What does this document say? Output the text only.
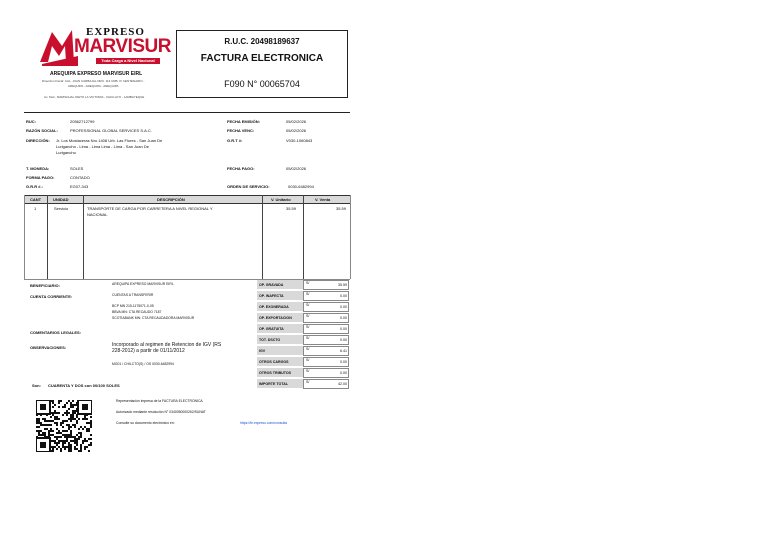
EXPRESO
MARVISUR
Toda Carga a Nivel Nacional
AREQUIPA EXPRESO MARVISUR EIRL
Dirección Fiscal: CAL. JUAN CARBAJAL NRO. 113 URB. IV CENTENARIO -
AREQUIPA - AREQUIPA - AREQUIPA
Av. Tacn. MARISCHAL NIETO LA VICTORIA - CHICLAYO - LAMBAYEQUE
R.U.C. 20498189637
FACTURA ELECTRONICA
F090 N° 00065704
RUC:	20562712799
RAZÓN SOCIAL:	PROFESSIONAL GLOBAL SERVICES S.A.C.
DIRECCIÓN: Jr. Los Mostaceras Nro.1408 Urb. Las Flores - San Juan De
Lurigancho - Lima - Lima Lima - Lima - San Juan De
Lurigancho
T. MONEDA:	SOLES
FORMA PAGO:	CONTADO
G.R.R #.:	EG07-343
FECHA EMISIÓN:	05/02/2026
FECHA VENC:	05/02/2026
G.R.T #:	V030-1060843
FECHA PAGO:	05/02/2026
ORDEN DE SERVICIO:	0030-6482994
CANT	UNIDAD	DESCRIPCIÓN	V. Unitario	V. Venta
1	Servicio	TRANSPORTE DE CARGA POR CARRETERA A NIVEL REGIONAL Y
NACIONAL
35.59	35.59
BENEFICIARIO:	AREQUIPA EXPRESO MARVISUR EIRL
CUENTA CORRIENTE:	CUENTAS A TRANSFERIR
BCP MN 215-1175071-0-05
BBVA MN: CTA RECAUDO 7187
SCOTIABANK MN: CTA RECAUDADORA MARVISUR
COMENTARIOS LEGALES:
OBSERVACIONES:	Incorporado al regimen de Retencion de IGV (RS
228-2012) a partir de 01/11/2012
MG01 / CHILCTO(S) / OS 0030-6482994
Son: CUARENTA Y DOS con 00/100 SOLES
OP. GRAVADA	S/	35.59
OP. INAFECTA	S/	0.00
OP. EXONERADA	S/	0.00
OP. EXPORTACION	S/	0.00
OP. GRATUITA	S/	0.00
TOT. DSCTO	S/	0.00
IGV	S/	6.41
OTROS CARGOS	S/	0.00
OTROS TRIBUTOS	S/	0.00
IMPORTE TOTAL	S/	42.00
Representación impresa de la FACTURA ELECTRONICA
Autorizado mediante resolución N° 0340050000262/SUNAT
Consulte su documento electrónico en:	https://fe.expreso.com/consulta
